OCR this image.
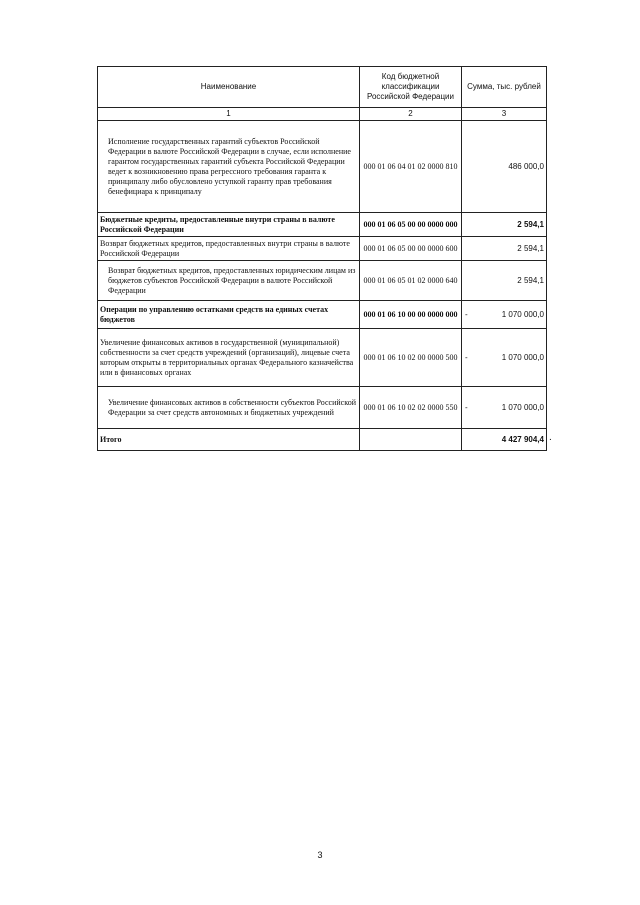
Наименование	Код бюджетной классификации Российской Федерации	Сумма, тыс. рублей
1	2	3
Исполнение государственных гарантий субъектов Российской Федерации в валюте Российской Федерации в случае, если исполнение гарантом государственных гарантий субъекта Российской Федерации ведет к возникновению права регрессного требования гаранта к принципалу либо обусловлено уступкой гаранту прав требования бенефициара к принципалу	000 01 06 04 01 02 0000 810	486 000,0
Бюджетные кредиты, предоставленные внутри страны в валюте Российской Федерации	000 01 06 05 00 00 0000 000	2 594,1
Возврат бюджетных кредитов, предоставленных внутри страны в валюте Российской Федерации	000 01 06 05 00 00 0000 600	2 594,1
Возврат бюджетных кредитов, предоставленных юридическим лицам из бюджетов субъектов Российской Федерации в валюте Российской Федерации	000 01 06 05 01 02 0000 640	2 594,1
Операции по управлению остатками средств на единых счетах бюджетов	000 01 06 10 00 00 0000 000	- 1 070 000,0
Увеличение финансовых активов в государственной (муниципальной) собственности за счет средств учреждений (организаций), лицевые счета которым открыты в территориальных органах Федерального казначейства или в финансовых органах	000 01 06 10 02 00 0000 500	- 1 070 000,0
Увеличение финансовых активов в собственности субъектов Российской Федерации за счет средств автономных и бюджетных учреждений	000 01 06 10 02 02 0000 550	- 1 070 000,0
Итого		4 427 904,4 .
3
